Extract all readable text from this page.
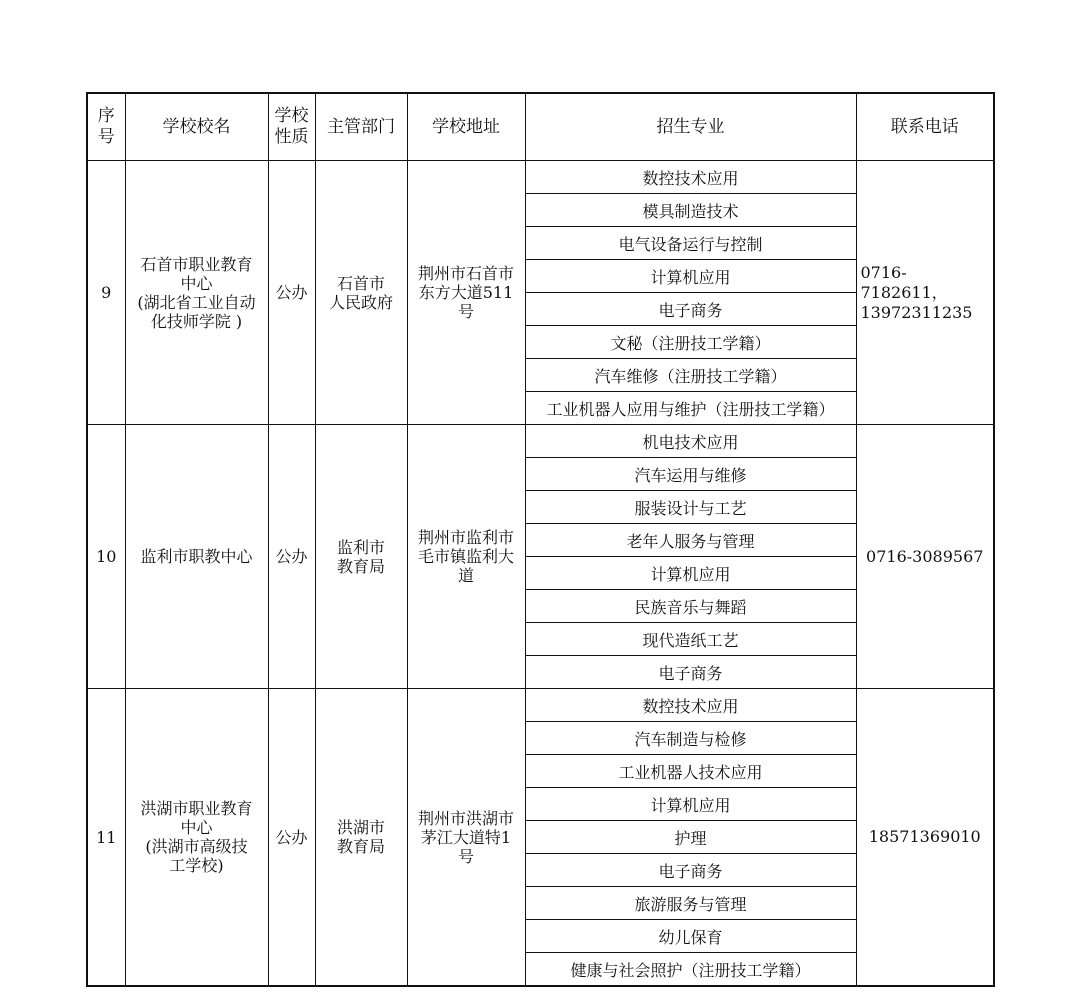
序
号	学校校名	学校
性质	主管部门	学校地址	招生专业	联系电话
9	石首市职业教育
中心
(湖北省工业自动
化技师学院 )	公办	石首市
人民政府	荆州市石首市
东方大道511
号	数控技术应用	0716-7182611，
13972311235

					模具制造技术	
					电气设备运行与控制	
					计算机应用	
					电子商务	
					文秘（注册技工学籍）	
					汽车维修（注册技工学籍）	
					工业机器人应用与维护（注册技工学籍）	
10	监利市职教中心	公办	监利市
教育局	荆州市监利市
毛市镇监利大
道	机电技术应用	0716-3089567

					汽车运用与维修	
					服装设计与工艺	
					老年人服务与管理	
					计算机应用	
					民族音乐与舞蹈	
					现代造纸工艺	
					电子商务	
11	洪湖市职业教育
中心
(洪湖市高级技
工学校)	公办	洪湖市
教育局	荆州市洪湖市
茅江大道特1
号	数控技术应用	18571369010

					汽车制造与检修	
					工业机器人技术应用	
					计算机应用	
					护理	
					电子商务	
					旅游服务与管理	
					幼儿保育	
					健康与社会照护（注册技工学籍）	
